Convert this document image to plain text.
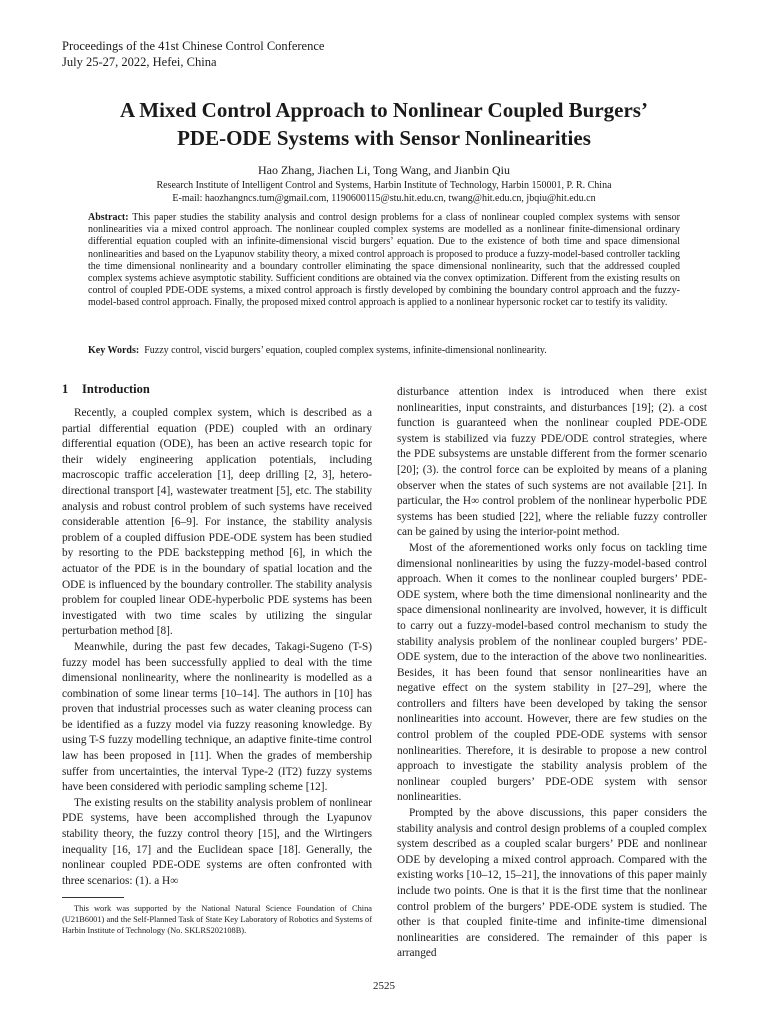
Proceedings of the 41st Chinese Control Conference
July 25-27, 2022, Hefei, China
A Mixed Control Approach to Nonlinear Coupled Burgers’
PDE-ODE Systems with Sensor Nonlinearities
Hao Zhang, Jiachen Li, Tong Wang, and Jianbin Qiu
Research Institute of Intelligent Control and Systems, Harbin Institute of Technology, Harbin 150001, P. R. China
E-mail: haozhangncs.tum@gmail.com, 1190600115@stu.hit.edu.cn, twang@hit.edu.cn, jbqiu@hit.edu.cn
Abstract: This paper studies the stability analysis and control design problems for a class of nonlinear coupled complex systems with sensor nonlinearities via a mixed control approach. The nonlinear coupled complex systems are modelled as a nonlinear finite-dimensional ordinary differential equation coupled with an infinite-dimensional viscid burgers’ equation. Due to the existence of both time and space dimensional nonlinearities and based on the Lyapunov stability theory, a mixed control approach is proposed to produce a fuzzy-model-based controller tackling the time dimensional nonlinearity and a boundary controller eliminating the space dimensional nonlinearity, such that the addressed coupled complex systems achieve asymptotic stability. Sufficient conditions are obtained via the convex optimization. Different from the existing results on control of coupled PDE-ODE systems, a mixed control approach is firstly developed by combining the boundary control approach and the fuzzy-model-based control approach. Finally, the proposed mixed control approach is applied to a nonlinear hypersonic rocket car to testify its validity.
Key Words: Fuzzy control, viscid burgers’ equation, coupled complex systems, infinite-dimensional nonlinearity.
1 Introduction

Recently, a coupled complex system, which is described as a partial differential equation (PDE) coupled with an ordinary differential equation (ODE), has been an active research topic for their widely engineering application potentials, including macroscopic traffic acceleration [1], deep drilling [2, 3], hetero-directional transport [4], wastewater treatment [5], etc. The stability analysis and robust control problem of such systems have received considerable attention [6–9]. For instance, the stability analysis problem of a coupled diffusion PDE-ODE system has been studied by resorting to the PDE backstepping method [6], in which the actuator of the PDE is in the boundary of spatial location and the ODE is influenced by the boundary controller. The stability analysis problem for coupled linear ODE-hyperbolic PDE systems has been investigated with two time scales by utilizing the singular perturbation method [8].

Meanwhile, during the past few decades, Takagi-Sugeno (T-S) fuzzy model has been successfully applied to deal with the time dimensional nonlinearity, where the nonlinearity is modelled as a combination of some linear terms [10–14]. The authors in [10] has proven that industrial processes such as water cleaning process can be identified as a fuzzy model via fuzzy reasoning knowledge. By using T-S fuzzy modelling technique, an adaptive finite-time control law has been proposed in [11]. When the grades of membership suffer from uncertainties, the interval Type-2 (IT2) fuzzy systems have been considered with periodic sampling scheme [12].

The existing results on the stability analysis problem of nonlinear PDE systems, have been accomplished through the Lyapunov stability theory, the fuzzy control theory [15], and the Wirtingers inequality [16, 17] and the Euclidean space [18]. Generally, the nonlinear coupled PDE-ODE systems are often confronted with three scenarios: (1). a H∞

disturbance attention index is introduced when there exist nonlinearities, input constraints, and disturbances [19]; (2). a cost function is guaranteed when the nonlinear coupled PDE-ODE system is stabilized via fuzzy PDE/ODE control strategies, where the PDE subsystems are unstable different from the former scenario [20]; (3). the control force can be exploited by means of a planing observer when the states of such systems are not available [21]. In particular, the H∞ control problem of the nonlinear hyperbolic PDE systems has been studied [22], where the reliable fuzzy controller can be gained by using the interior-point method.

Most of the aforementioned works only focus on tackling time dimensional nonlinearities by using the fuzzy-model-based control approach. When it comes to the nonlinear coupled burgers’ PDE-ODE system, where both the time dimensional nonlinearity and the space dimensional nonlinearity are involved, however, it is difficult to carry out a fuzzy-model-based control mechanism to study the stability analysis problem of the nonlinear coupled burgers’ PDE-ODE system, due to the interaction of the above two nonlinearities. Besides, it has been found that sensor nonlinearities have an negative effect on the system stability in [27–29], where the controllers and filters have been developed by taking the sensor nonlinearities into account. However, there are few studies on the control problem of the coupled PDE-ODE systems with sensor nonlinearities. Therefore, it is desirable to propose a new control approach to investigate the stability analysis problem of the nonlinear coupled burgers’ PDE-ODE system with sensor nonlinearities.

Prompted by the above discussions, this paper considers the stability analysis and control design problems of a coupled complex system described as a coupled scalar burgers’ PDE and nonlinear ODE by developing a mixed control approach. Compared with the existing works [10–12, 15–21], the innovations of this paper mainly include two points. One is that it is the first time that the nonlinear control problem of the burgers’ PDE-ODE system is studied. The other is that coupled finite-time and infinite-time dimensional nonlinearities are considered. The remainder of this paper is arranged

This work was supported by the National Natural Science Foundation of China (U21B6001) and the Self-Planned Task of State Key Laboratory of Robotics and Systems of Harbin Institute of Technology (No. SKLRS202108B).
2525
